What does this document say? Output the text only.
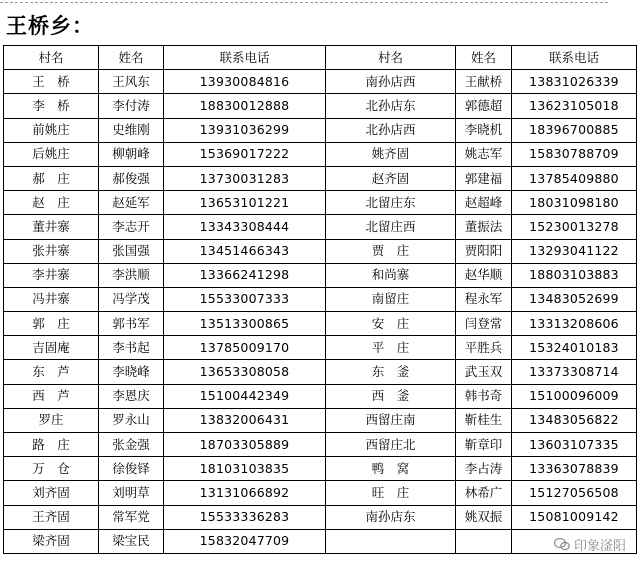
王桥乡：
村名	姓名	联系电话	村名	姓名	联系电话
王　桥	王风东	13930084816	南孙店西	王献桥	13831026339
李　桥	李付涛	18830012888	北孙店东	郭德超	13623105018
前姚庄	史维刚	13931036299	北孙店西	李晓机	18396700885
后姚庄	柳朝峰	15369017222	姚齐固	姚志军	15830788709
郝　庄	郝俊强	13730031283	赵齐固	郭建福	13785409880
赵　庄	赵延军	13653101221	北留庄东	赵超峰	18031098180
董井寨	李志开	13343308444	北留庄西	董振法	15230013278
张井寨	张国强	13451466343	贾　庄	贾阳阳	13293041122
李井寨	李洪顺	13366241298	和尚寨	赵华顺	18803103883
冯井寨	冯学茂	15533007333	南留庄	程永军	13483052699
郭　庄	郭书军	13513300865	安　庄	闫登常	13313208606
吉固庵	李书起	13785009170	平　庄	平胜兵	15324010183
东　芦	李晓峰	13653308058	东　釜	武玉双	13373308714
西　芦	李恩庆	15100442349	西　釜	韩书奇	15100096009
罗庄	罗永山	13832006431	西留庄南	靳桂生	13483056822
路　庄	张金强	18703305889	西留庄北	靳章印	13603107335
万　仓	徐俊铎	18103103835	鸭　窝	李占涛	13363078839
刘齐固	刘明草	13131066892	旺　庄	林希广	15127056508
王齐固	常军党	15533336283	南孙店东	姚双振	15081009142
梁齐固	梁宝民	15832047709				印象滏阳
